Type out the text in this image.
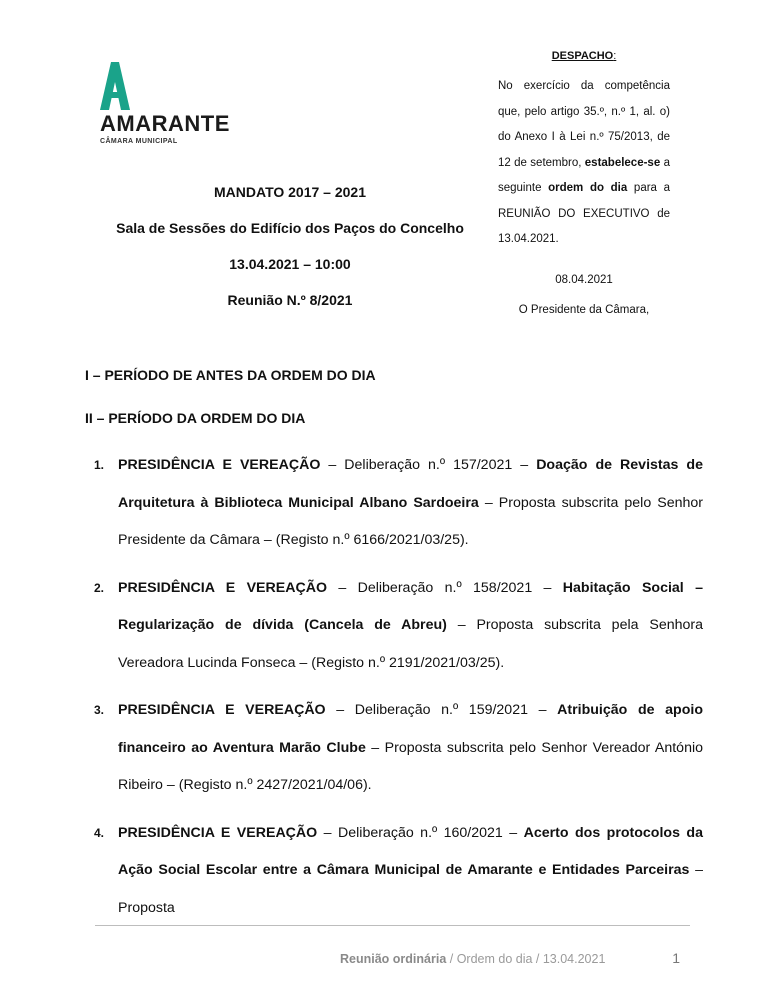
AMARANTE
CÂMARA MUNICIPAL
DESPACHO:
No exercício da competência que, pelo artigo 35.º, n.º 1, al. o) do Anexo I à Lei n.º 75/2013, de 12 de setembro, estabelece-se a seguinte ordem do dia para a REUNIÃO DO EXECUTIVO de 13.04.2021.
08.04.2021
O Presidente da Câmara,
MANDATO 2017 – 2021
Sala de Sessões do Edifício dos Paços do Concelho
13.04.2021 – 10:00
Reunião N.º 8/2021
I – PERÍODO DE ANTES DA ORDEM DO DIA
II – PERÍODO DA ORDEM DO DIA
1. PRESIDÊNCIA E VEREAÇÃO – Deliberação n.º 157/2021 – Doação de Revistas de Arquitetura à Biblioteca Municipal Albano Sardoeira – Proposta subscrita pelo Senhor Presidente da Câmara – (Registo n.º 6166/2021/03/25).
2. PRESIDÊNCIA E VEREAÇÃO – Deliberação n.º 158/2021 – Habitação Social – Regularização de dívida (Cancela de Abreu) – Proposta subscrita pela Senhora Vereadora Lucinda Fonseca – (Registo n.º 2191/2021/03/25).
3. PRESIDÊNCIA E VEREAÇÃO – Deliberação n.º 159/2021 – Atribuição de apoio financeiro ao Aventura Marão Clube – Proposta subscrita pelo Senhor Vereador António Ribeiro – (Registo n.º 2427/2021/04/06).
4. PRESIDÊNCIA E VEREAÇÃO – Deliberação n.º 160/2021 – Acerto dos protocolos da Ação Social Escolar entre a Câmara Municipal de Amarante e Entidades Parceiras – Proposta
Reunião ordinária / Ordem do dia / 13.04.2021	1
